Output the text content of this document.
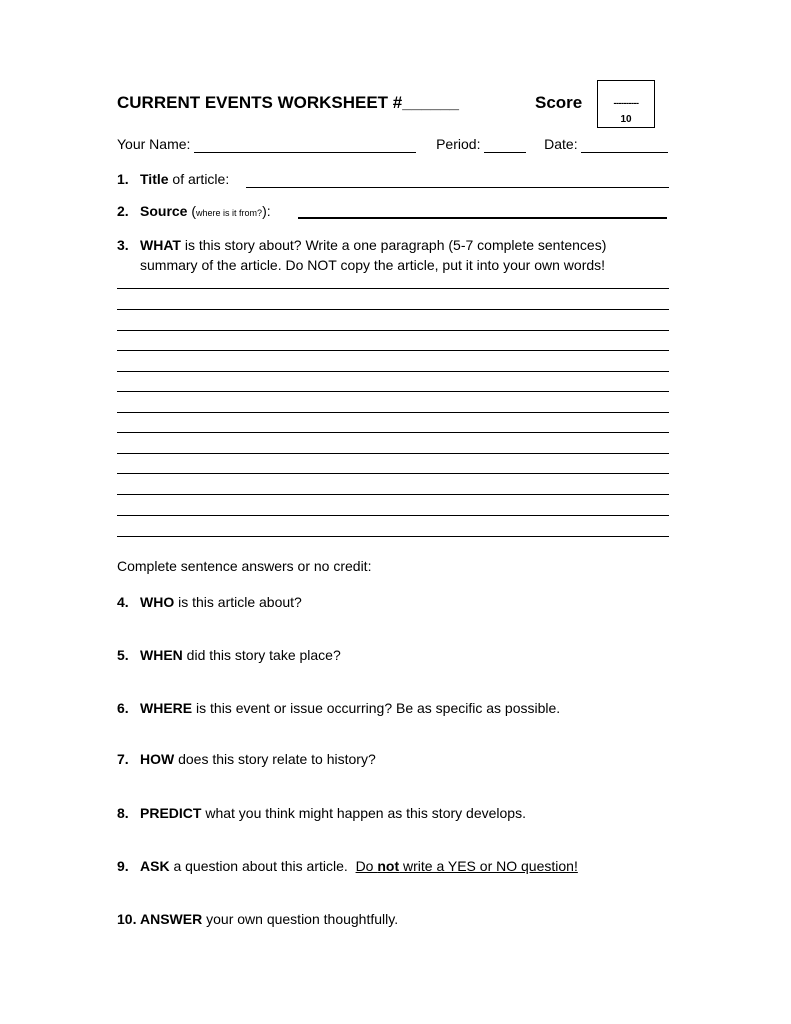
CURRENT EVENTS WORKSHEET #______	Score	----------
10
Your Name:	Period:	Date:
1. Title of article:
2. Source (where is it from?):
3. WHAT is this story about? Write a one paragraph (5-7 complete sentences)
summary of the article. Do NOT copy the article, put it into your own words!
Complete sentence answers or no credit:
4. WHO is this article about?
5. WHEN did this story take place?
6. WHERE is this event or issue occurring? Be as specific as possible.
7. HOW does this story relate to history?
8. PREDICT what you think might happen as this story develops.
9. ASK a question about this article.  Do not write a YES or NO question!
10. ANSWER your own question thoughtfully.
